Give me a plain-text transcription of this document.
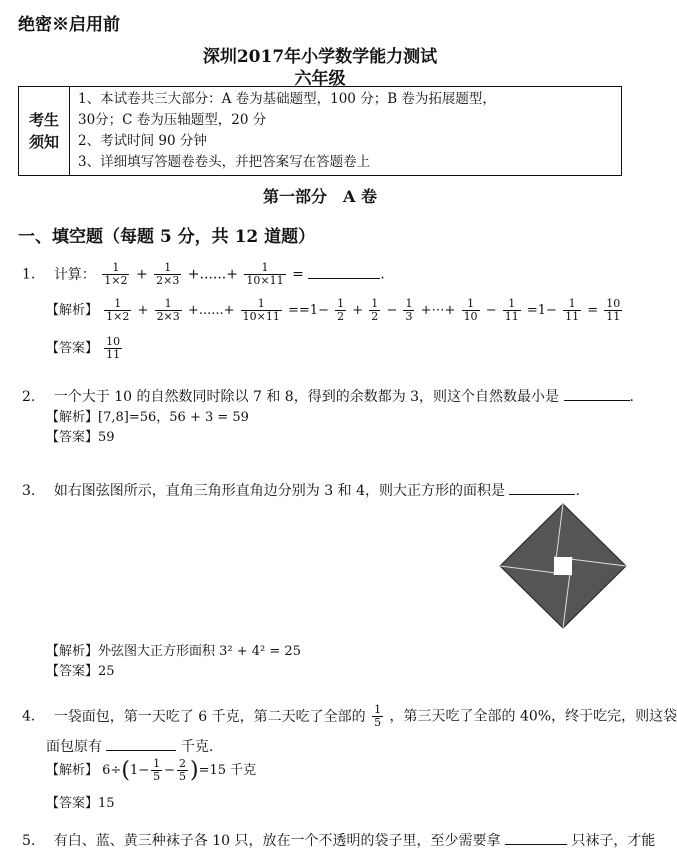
绝密※启用前
深圳2017年小学数学能力测试
六年级
考生须知	
1、本试卷共三大部分：A 卷为基础题型，100 分；B 卷为拓展题型，
30分；C 卷为压轴题型，20 分
2、考试时间 90 分钟
3、详细填写答题卷卷头，并把答案写在答题卷上
第一部分　A 卷
一、填空题（每题 5 分，共 12 道题）
1. 计算： $\frac{1}{1\times 2} + \frac{1}{2\times 3}$ +......+ $\frac{1}{10\times 11}$ =	.
【解析】 $\frac{1}{1\times 2} + \frac{1}{2\times 3}$ +......+ $\frac{1}{10\times 11} ==1- \frac{1}{2} + \frac{1}{2} - \frac{1}{3}$ +⋯+ $\frac{1}{10} - \frac{1}{11} =1- \frac{1}{11} = \frac{10}{11}$
【答案】 $\frac{10}{11}$
2. 一个大于 10 的自然数同时除以 7 和 8，得到的余数都为 3，则这个自然数最小是	.
【解析】[7,8]=56，56 + 3 = 59
【答案】59
3. 如右图弦图所示，直角三角形直角边分别为 3 和 4，则大正方形的面积是	.
【解析】外弦图大正方形面积 3² + 4² = 25
【答案】25
4. 一袋面包，第一天吃了 6 千克，第二天吃了全部的 $\frac{1}{5}$ ，第三天吃了全部的 40%，终于吃完，则这袋
面包原有	千克.
【解析】 $6\div(1- \frac{1}{5} - \frac{2}{5} )=15$ 千克
【答案】15
5. 有白、蓝、黄三种袜子各 10 只，放在一个不透明的袋子里，至少需要拿	只袜子，才能
